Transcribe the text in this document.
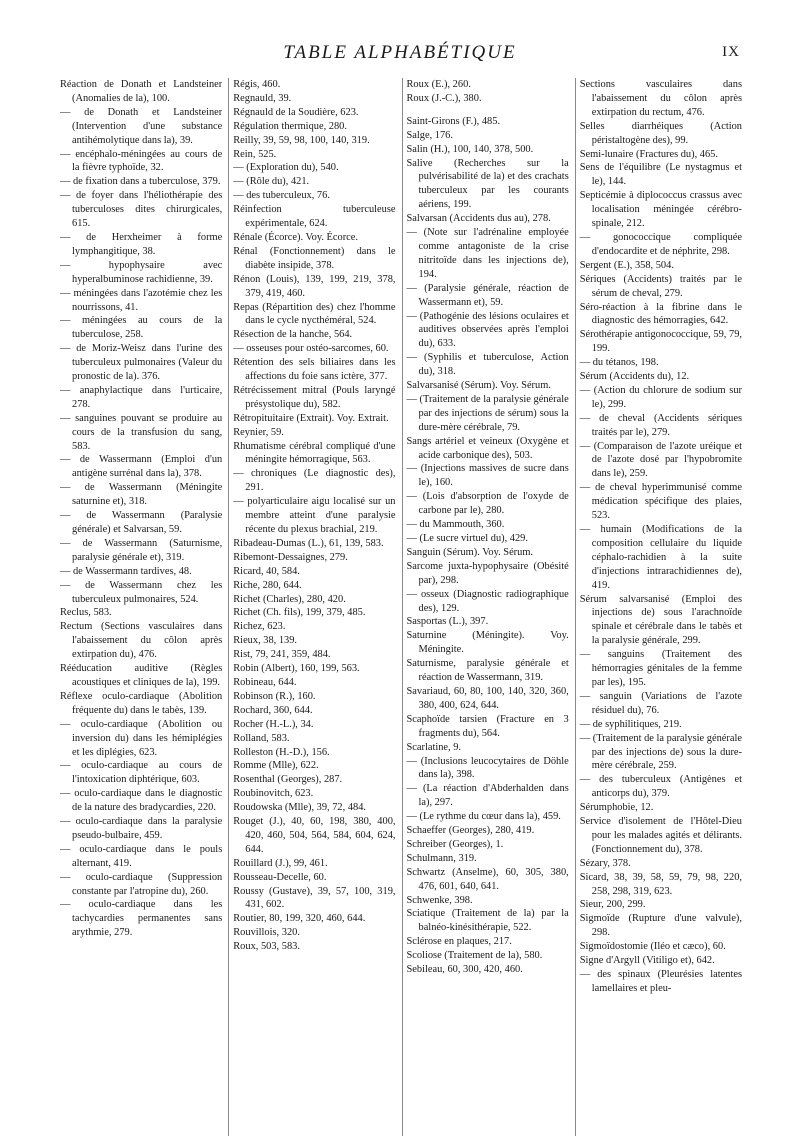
TABLE ALPHABÉTIQUE	IX

Réaction de Donath et Landsteiner (Anomalies de la), 100.

— de Donath et Landsteiner (Intervention d'une substance antihémolytique dans la), 39.

— encéphalo-méningées au cours de la fièvre typhoïde, 32.

— de fixation dans a tuberculose, 379.

— de foyer dans l'héliothérapie des tuberculoses dites chirurgicales, 615.

— de Herxheimer à forme lymphangitique, 38.

— hypophysaire avec hyperalbuminose rachidienne, 39.

— méningées dans l'azotémie chez les nourrissons, 41.

— méningées au cours de la tuberculose, 258.

— de Moriz-Weisz dans l'urine des tuberculeux pulmonaires (Valeur du pronostic de la). 376.

— anaphylactique dans l'urticaire, 278.

— sanguines pouvant se produire au cours de la transfusion du sang, 583.

— de Wassermann (Emploi d'un antigène surrénal dans la), 378.

— de Wassermann (Méningite saturnine et), 318.

— de Wassermann (Paralysie générale) et Salvarsan, 59.

— de Wassermann (Saturnisme, paralysie générale et), 319.

— de Wassermann tardives, 48.

— de Wassermann chez les tuberculeux pulmonaires, 524.

Reclus, 583.

Rectum (Sections vasculaires dans l'abaissement du côlon après extirpation du), 476.

Rééducation auditive (Règles acoustiques et cliniques de la), 199.

Réflexe oculo-cardiaque (Abolition fréquente du) dans le tabès, 139.

— oculo-cardiaque (Abolition ou inversion du) dans les hémiplégies et les diplégies, 623.

— oculo-cardiaque au cours de l'intoxication diphtérique, 603.

— oculo-cardiaque dans le diagnostic de la nature des bradycardies, 220.

— oculo-cardiaque dans la paralysie pseudo-bulbaire, 459.

— oculo-cardiaque dans le pouls alternant, 419.

— oculo-cardiaque (Suppression constante par l'atropine du), 260.

— oculo-cardiaque dans les tachycardies permanentes sans arythmie, 279.

Régis, 460.

Regnauld, 39.

Régnauld de la Soudière, 623.

Régulation thermique, 280.

Reilly, 39, 59, 98, 100, 140, 319.

Rein, 525.

— (Exploration du), 540.

— (Rôle du), 421.

— des tuberculeux, 76.

Réinfection tuberculeuse expérimentale, 624.

Rénale (Écorce). Voy. Écorce.

Rénal (Fonctionnement) dans le diabète insipide, 378.

Rénon (Louis), 139, 199, 219, 378, 379, 419, 460.

Repas (Répartition des) chez l'homme dans le cycle nycthéméral, 524.

Résection de la hanche, 564.

— osseuses pour ostéo-sarcomes, 60.

Rétention des sels biliaires dans les affections du foie sans ictère, 377.

Rétrécissement mitral (Pouls laryngé présystolique du), 582.

Rétropituitaire (Extrait). Voy. Extrait.

Reynier, 59.

Rhumatisme cérébral compliqué d'une méningite hémorragique, 563.

— chroniques (Le diagnostic des), 291.

— polyarticulaire aigu localisé sur un membre atteint d'une paralysie récente du plexus brachial, 219.

Ribadeau-Dumas (L.), 61, 139, 583.

Ribemont-Dessaignes, 279.

Ricard, 40, 584.

Riche, 280, 644.

Richet (Charles), 280, 420.

Richet (Ch. fils), 199, 379, 485.

Richez, 623.

Rieux, 38, 139.

Rist, 79, 241, 359, 484.

Robin (Albert), 160, 199, 563.

Robineau, 644.

Robinson (R.), 160.

Rochard, 360, 644.

Rocher (H.-L.), 34.

Rolland, 583.

Rolleston (H.-D.), 156.

Romme (Mlle), 622.

Rosenthal (Georges), 287.

Roubinovitch, 623.

Roudowska (Mlle), 39, 72, 484.

Rouget (J.), 40, 60, 198, 380, 400, 420, 460, 504, 564, 584, 604, 624, 644.

Rouillard (J.), 99, 461.

Rousseau-Decelle, 60.

Roussy (Gustave), 39, 57, 100, 319, 431, 602.

Routier, 80, 199, 320, 460, 644.

Rouvillois, 320.

Roux, 503, 583.

Roux (E.), 260.

Roux (J.-C.), 380.

Saint-Girons (F.), 485.

Salge, 176.

Salin (H.), 100, 140, 378, 500.

Salive (Recherches sur la pulvérisabilité de la) et des crachats tuberculeux par les courants aériens, 199.

Salvarsan (Accidents dus au), 278.

— (Note sur l'adrénaline employée comme antagoniste de la crise nitritoïde dans les injections de), 194.

— (Paralysie générale, réaction de Wassermann et), 59.

— (Pathogénie des lésions oculaires et auditives observées après l'emploi du), 633.

— (Syphilis et tuberculose, Action du), 318.

Salvarsanisé (Sérum). Voy. Sérum.

— (Traitement de la paralysie générale par des injections de sérum) sous la dure-mère cérébrale, 79.

Sangs artériel et veineux (Oxygène et acide carbonique des), 503.

— (Injections massives de sucre dans le), 160.

— (Lois d'absorption de l'oxyde de carbone par le), 280.

— du Mammouth, 360.

— (Le sucre virtuel du), 429.

Sanguin (Sérum). Voy. Sérum.

Sarcome juxta-hypophysaire (Obésité par), 298.

— osseux (Diagnostic radiographique des), 129.

Sasportas (L.), 397.

Saturnine (Méningite). Voy. Méningite.

Saturnisme, paralysie générale et réaction de Wassermann, 319.

Savariaud, 60, 80, 100, 140, 320, 360, 380, 400, 624, 644.

Scaphoïde tarsien (Fracture en 3 fragments du), 564.

Scarlatine, 9.

— (Inclusions leucocytaires de Döhle dans la), 398.

— (La réaction d'Abderhalden dans la), 297.

— (Le rythme du cœur dans la), 459.

Schaeffer (Georges), 280, 419.

Schreiber (Georges), 1.

Schulmann, 319.

Schwartz (Anselme), 60, 305, 380, 476, 601, 640, 641.

Schwenke, 398.

Sciatique (Traitement de la) par la balnéo-kinésithérapie, 522.

Sclérose en plaques, 217.

Scoliose (Traitement de la), 580.

Sebileau, 60, 300, 420, 460.

Sections vasculaires dans l'abaissement du côlon après extirpation du rectum, 476.

Selles diarrhéiques (Action péristaltogène des), 99.

Semi-lunaire (Fractures du), 465.

Sens de l'équilibre (Le nystagmus et le), 144.

Septicémie à diplococcus crassus avec localisation méningée cérébro-spinale, 212.

— gonococcique compliquée d'endocardite et de néphrite, 298.

Sergent (E.), 358, 504.

Sériques (Accidents) traités par le sérum de cheval, 279.

Séro-réaction à la fibrine dans le diagnostic des hémorragies, 642.

Sérothérapie antigonococcique, 59, 79, 199.

— du tétanos, 198.

Sérum (Accidents du), 12.

— (Action du chlorure de sodium sur le), 299.

— de cheval (Accidents sériques traités par le), 279.

— (Comparaison de l'azote uréique et de l'azote dosé par l'hypobromite dans le), 259.

— de cheval hyperimmunisé comme médication spécifique des plaies, 523.

— humain (Modifications de la composition cellulaire du liquide céphalo-rachidien à la suite d'injections intrarachidiennes de), 419.

Sérum salvarsanisé (Emploi des injections de) sous l'arachnoïde spinale et cérébrale dans le tabès et la paralysie générale, 299.

— sanguins (Traitement des hémorragies génitales de la femme par les), 195.

— sanguin (Variations de l'azote résiduel du), 76.

— de syphilitiques, 219.

— (Traitement de la paralysie générale par des injections de) sous la dure-mère cérébrale, 259.

— des tuberculeux (Antigènes et anticorps du), 379.

Sérumphobie, 12.

Service d'isolement de l'Hôtel-Dieu pour les malades agités et délirants. (Fonctionnement du), 378.

Sézary, 378.

Sicard, 38, 39, 58, 59, 79, 98, 220, 258, 298, 319, 623.

Sieur, 200, 299.

Sigmoïde (Rupture d'une valvule), 298.

Sigmoïdostomie (Iléo et cæco), 60.

Signe d'Argyll (Vitiligo et), 642.

— des spinaux (Pleurésies latentes lamellaires et pleu-
